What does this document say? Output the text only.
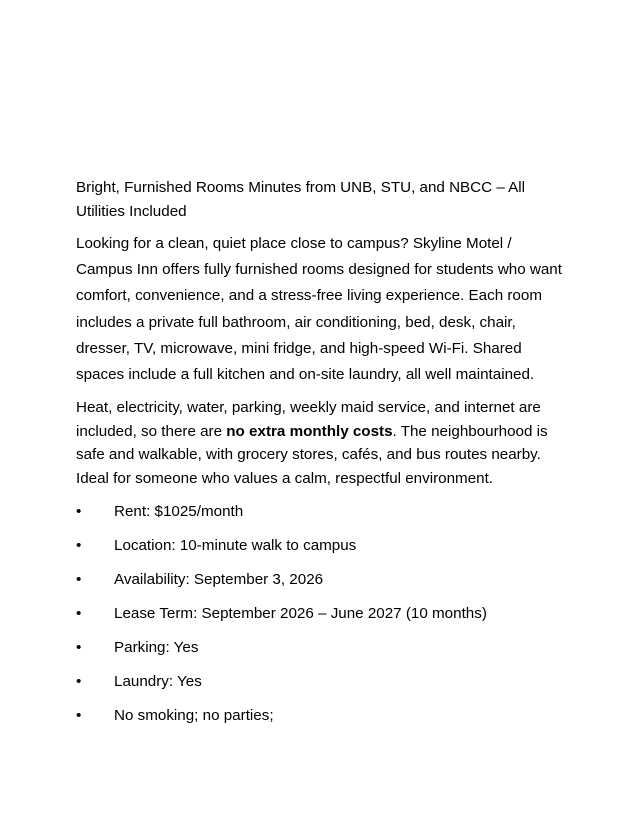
Bright, Furnished Rooms Minutes from UNB, STU, and NBCC – All Utilities Included

Looking for a clean, quiet place close to campus? Skyline Motel / Campus Inn offers fully furnished rooms designed for students who want comfort, convenience, and a stress-free living experience. Each room includes a private full bathroom, air conditioning, bed, desk, chair, dresser, TV, microwave, mini fridge, and high-speed Wi-Fi. Shared spaces include a full kitchen and on-site laundry, all well maintained.

Heat, electricity, water, parking, weekly maid service, and internet are included, so there are no extra monthly costs. The neighbourhood is safe and walkable, with grocery stores, cafés, and bus routes nearby. Ideal for someone who values a calm, respectful environment.

•	Rent: $1025/month
•	Location: 10-minute walk to campus
•	Availability: September 3, 2026
•	Lease Term: September 2026 – June 2027 (10 months)
•	Parking: Yes
•	Laundry: Yes
•	No smoking; no parties;
